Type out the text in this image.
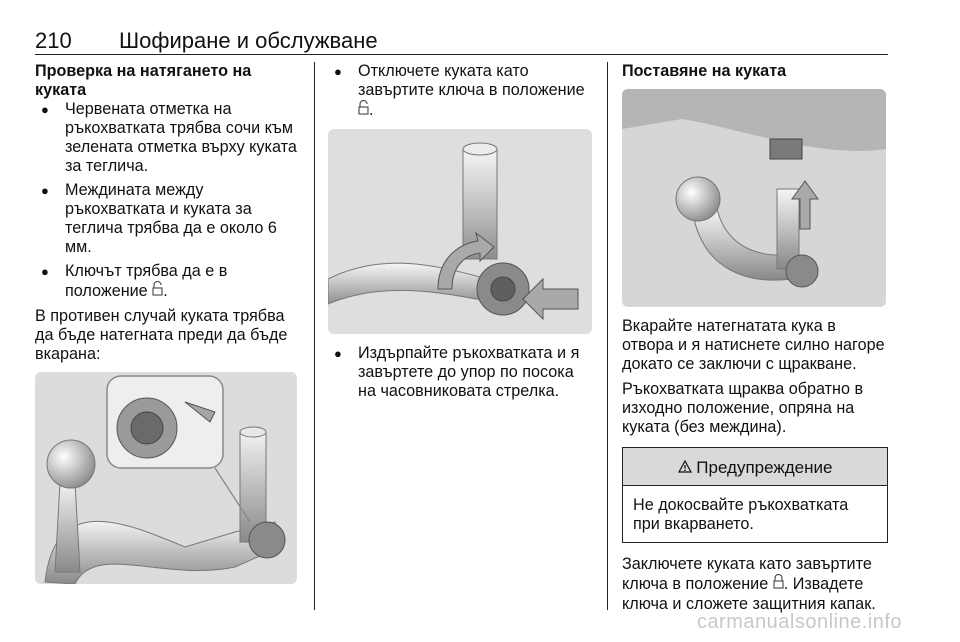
210 Шофиране и обслужване
Проверка на натягането на куката
● Червената отметка на ръкохватката трябва сочи към зелената отметка върху куката за теглича.
● Междината между ръкохватката и куката за теглича трябва да е около 6 мм.
● Ключът трябва да е в положение .

В противен случай куката трябва да бъде натегната преди да бъде вкарана:

● Отключете куката като завъртите ключа в положение .
● Издърпайте ръкохватката и я завъртете до упор по посока на часовниковата стрелка.
Поставяне на куката

Вкарайте натегнатата кука в отвора и я натиснете силно нагоре докато се заключи с щракване.

Ръкохватката щраква обратно в изходно положение, опряна на куката (без междина).

Предупреждение
Не докосвайте ръкохватката при вкарването.

Заключете куката като завъртите ключа в положение . Извадете ключа и сложете защитния капак.

carmanualsonline.info
